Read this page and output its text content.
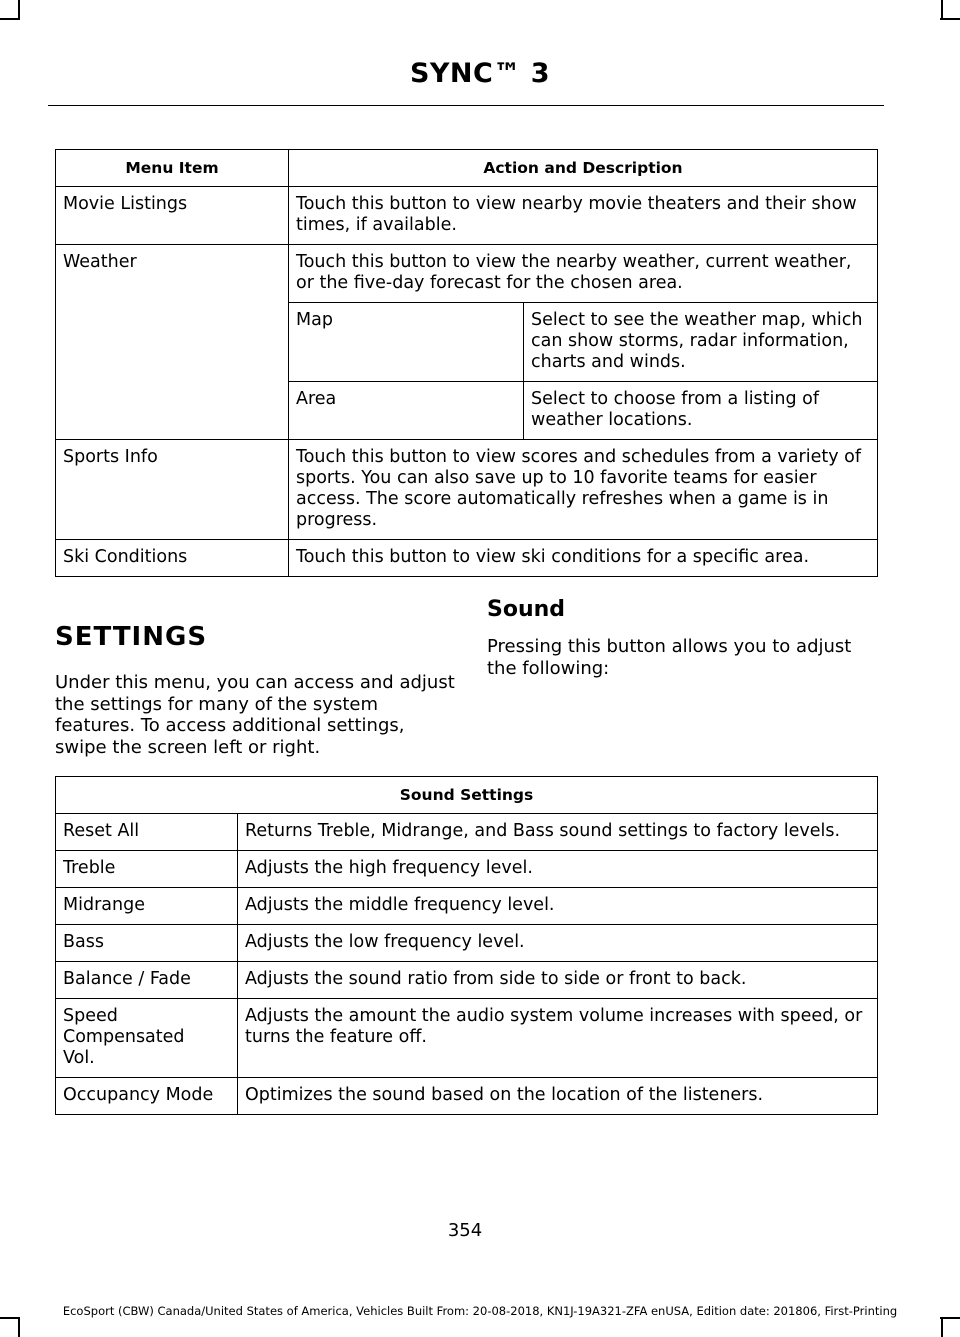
SYNC™ 3
Menu Item	Action and Description

Movie Listings	Touch this button to view nearby movie theaters and their show times, if available.

Weather	Touch this button to view the nearby weather, current weather, or the five-day forecast for the chosen area.

Map	Select to see the weather map, which can show storms, radar information, charts and winds.

Area	Select to choose from a listing of weather locations.

Sports Info	Touch this button to view scores and schedules from a variety of sports. You can also save up to 10 favorite teams for easier access. The score automatically refreshes when a game is in progress.

Ski Conditions	Touch this button to view ski conditions for a specific area.
SETTINGS

Under this menu, you can access and adjust the settings for many of the system features. To access additional settings, swipe the screen left or right.

Sound

Pressing this button allows you to adjust the following:

Sound Settings	

Reset All	Returns Treble, Midrange, and Bass sound settings to factory levels.

Treble	Adjusts the high frequency level.

Midrange	Adjusts the middle frequency level.

Bass	Adjusts the low frequency level.

Balance / Fade	Adjusts the sound ratio from side to side or front to back.

Speed Compensated Vol.	Adjusts the amount the audio system volume increases with speed, or turns the feature off.

Occupancy Mode	Optimizes the sound based on the location of the listeners.
354
EcoSport (CBW) Canada/United States of America, Vehicles Built From: 20-08-2018, KN1J-19A321-ZFA enUSA, Edition date: 201806, First-Printing
